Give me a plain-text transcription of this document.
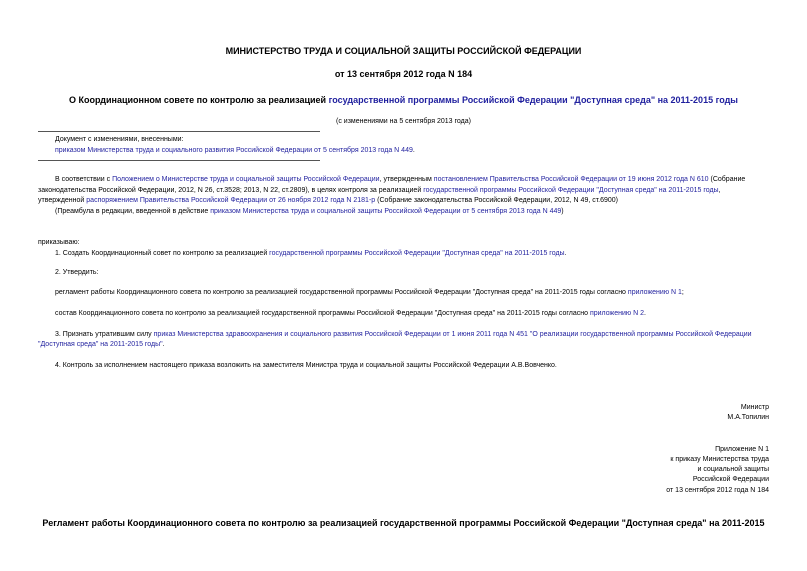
МИНИСТЕРСТВО ТРУДА И СОЦИАЛЬНОЙ ЗАЩИТЫ РОССИЙСКОЙ ФЕДЕРАЦИИ
от 13 сентября 2012 года N 184
О Координационном совете по контролю за реализацией государственной программы Российской Федерации "Доступная среда" на 2011-2015 годы
(с изменениями на 5 сентября 2013 года)
Документ с изменениями, внесенными:
приказом Министерства труда и социального развития Российской Федерации от 5 сентября 2013 года N 449.
В соответствии с Положением о Министерстве труда и социальной защиты Российской Федерации, утвержденным постановлением Правительства Российской Федерации от 19 июня 2012 года N 610 (Собрание
законодательства Российской Федерации, 2012, N 26, ст.3528; 2013, N 22, ст.2809), в целях контроля за реализацией государственной программы Российской Федерации "Доступная среда" на 2011-2015 годы,
утвержденной распоряжением Правительства Российской Федерации от 26 ноября 2012 года N 2181-р (Собрание законодательства Российской Федерации, 2012, N 49, ст.6900)
(Преамбула в редакции, введенной в действие приказом Министерства труда и социальной защиты Российской Федерации от 5 сентября 2013 года N 449)
приказываю:
1. Создать Координационный совет по контролю за реализацией государственной программы Российской Федерации "Доступная среда" на 2011-2015 годы.
2. Утвердить:
регламент работы Координационного совета по контролю за реализацией государственной программы Российской Федерации "Доступная среда" на 2011-2015 годы согласно приложению N 1;
состав Координационного совета по контролю за реализацией государственной программы Российской Федерации "Доступная среда" на 2011-2015 годы согласно приложению N 2.
3. Признать утратившим силу приказ Министерства здравоохранения и социального развития Российской Федерации от 1 июня 2011 года N 451 "О реализации государственной программы Российской Федерации
"Доступная среда" на 2011-2015 годы".
4. Контроль за исполнением настоящего приказа возложить на заместителя Министра труда и социальной защиты Российской Федерации А.В.Вовченко.
Министр
М.А.Топилин
Приложение N 1
к приказу Министерства труда
и социальной защиты
Российской Федерации
от 13 сентября 2012 года N 184
Регламент работы Координационного совета по контролю за реализацией государственной программы Российской Федерации "Доступная среда" на 2011-2015
